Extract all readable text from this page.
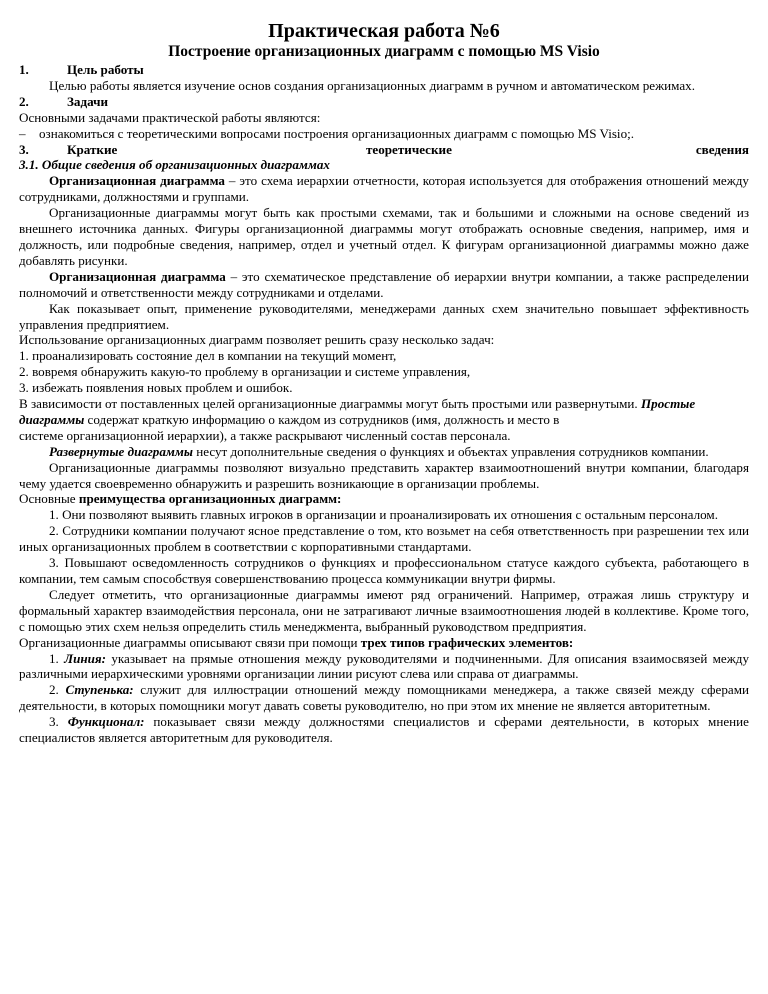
Практическая работа №6
Построение организационных диаграмм с помощью MS Visio
1.	Цель работы

Целью работы является изучение основ создания организационных диаграмм в ручном и автоматическом режимах.

2.	Задачи

Основными задачами практической работы являются:

– ознакомиться с теоретическими вопросами построения организационных диаграмм с помощью MS Visio;.

3.	Краткие	теоретические	сведения

3.1. Общие сведения об организационных диаграммах

Организационная диаграмма – это схема иерархии отчетности, которая используется для отображения отношений между сотрудниками, должностями и группами.

Организационные диаграммы могут быть как простыми схемами, так и большими и сложными на основе сведений из внешнего источника данных. Фигуры организационной диаграммы могут отображать основные сведения, например, имя и должность, или подробные сведения, например, отдел и учетный отдел. К фигурам организационной диаграммы можно даже добавлять рисунки.

Организационная диаграмма – это схематическое представление об иерархии внутри компании, а также распределении полномочий и ответственности между сотрудниками и отделами.

Как показывает опыт, применение руководителями, менеджерами данных схем значительно повышает эффективность управления предприятием.

Использование организационных диаграмм позволяет решить сразу несколько задач:

1. проанализировать состояние дел в компании на текущий момент,

2. вовремя обнаружить какую-то проблему в организации и системе управления,

3. избежать появления новых проблем и ошибок.

В зависимости от поставленных целей организационные диаграммы могут быть простыми или развернутыми. Простые диаграммы содержат краткую информацию о каждом из сотрудников (имя, должность и место в

системе организационной иерархии), а также раскрывают численный состав персонала.

Развернутые диаграммы несут дополнительные сведения о функциях и объектах управления сотрудников компании.

Организационные диаграммы позволяют визуально представить характер взаимоотношений внутри компании, благодаря чему удается своевременно обнаружить и разрешить возникающие в организации проблемы.

Основные преимущества организационных диаграмм:

1. Они позволяют выявить главных игроков в организации и проанализировать их отношения с остальным персоналом.

2. Сотрудники компании получают ясное представление о том, кто возьмет на себя ответственность при разрешении тех или иных организационных проблем в соответствии с корпоративными стандартами.

3. Повышают осведомленность сотрудников о функциях и профессиональном статусе каждого субъекта, работающего в компании, тем самым способствуя совершенствованию процесса коммуникации внутри фирмы.

Следует отметить, что организационные диаграммы имеют ряд ограничений. Например, отражая лишь структуру и формальный характер взаимодействия персонала, они не затрагивают личные взаимоотношения людей в коллективе. Кроме того, с помощью этих схем нельзя определить стиль менеджмента, выбранный руководством предприятия.

Организационные диаграммы описывают связи при помощи трех типов графических элементов:

1. Линия: указывает на прямые отношения между руководителями и подчиненными. Для описания взаимосвязей между различными иерархическими уровнями организации линии рисуют слева или справа от диаграммы.

2. Ступенька: служит для иллюстрации отношений между помощниками менеджера, а также связей между сферами деятельности, в которых помощники могут давать советы руководителю, но при этом их мнение не является авторитетным.

3. Функционал: показывает связи между должностями специалистов и сферами деятельности, в которых мнение специалистов является авторитетным для руководителя.
